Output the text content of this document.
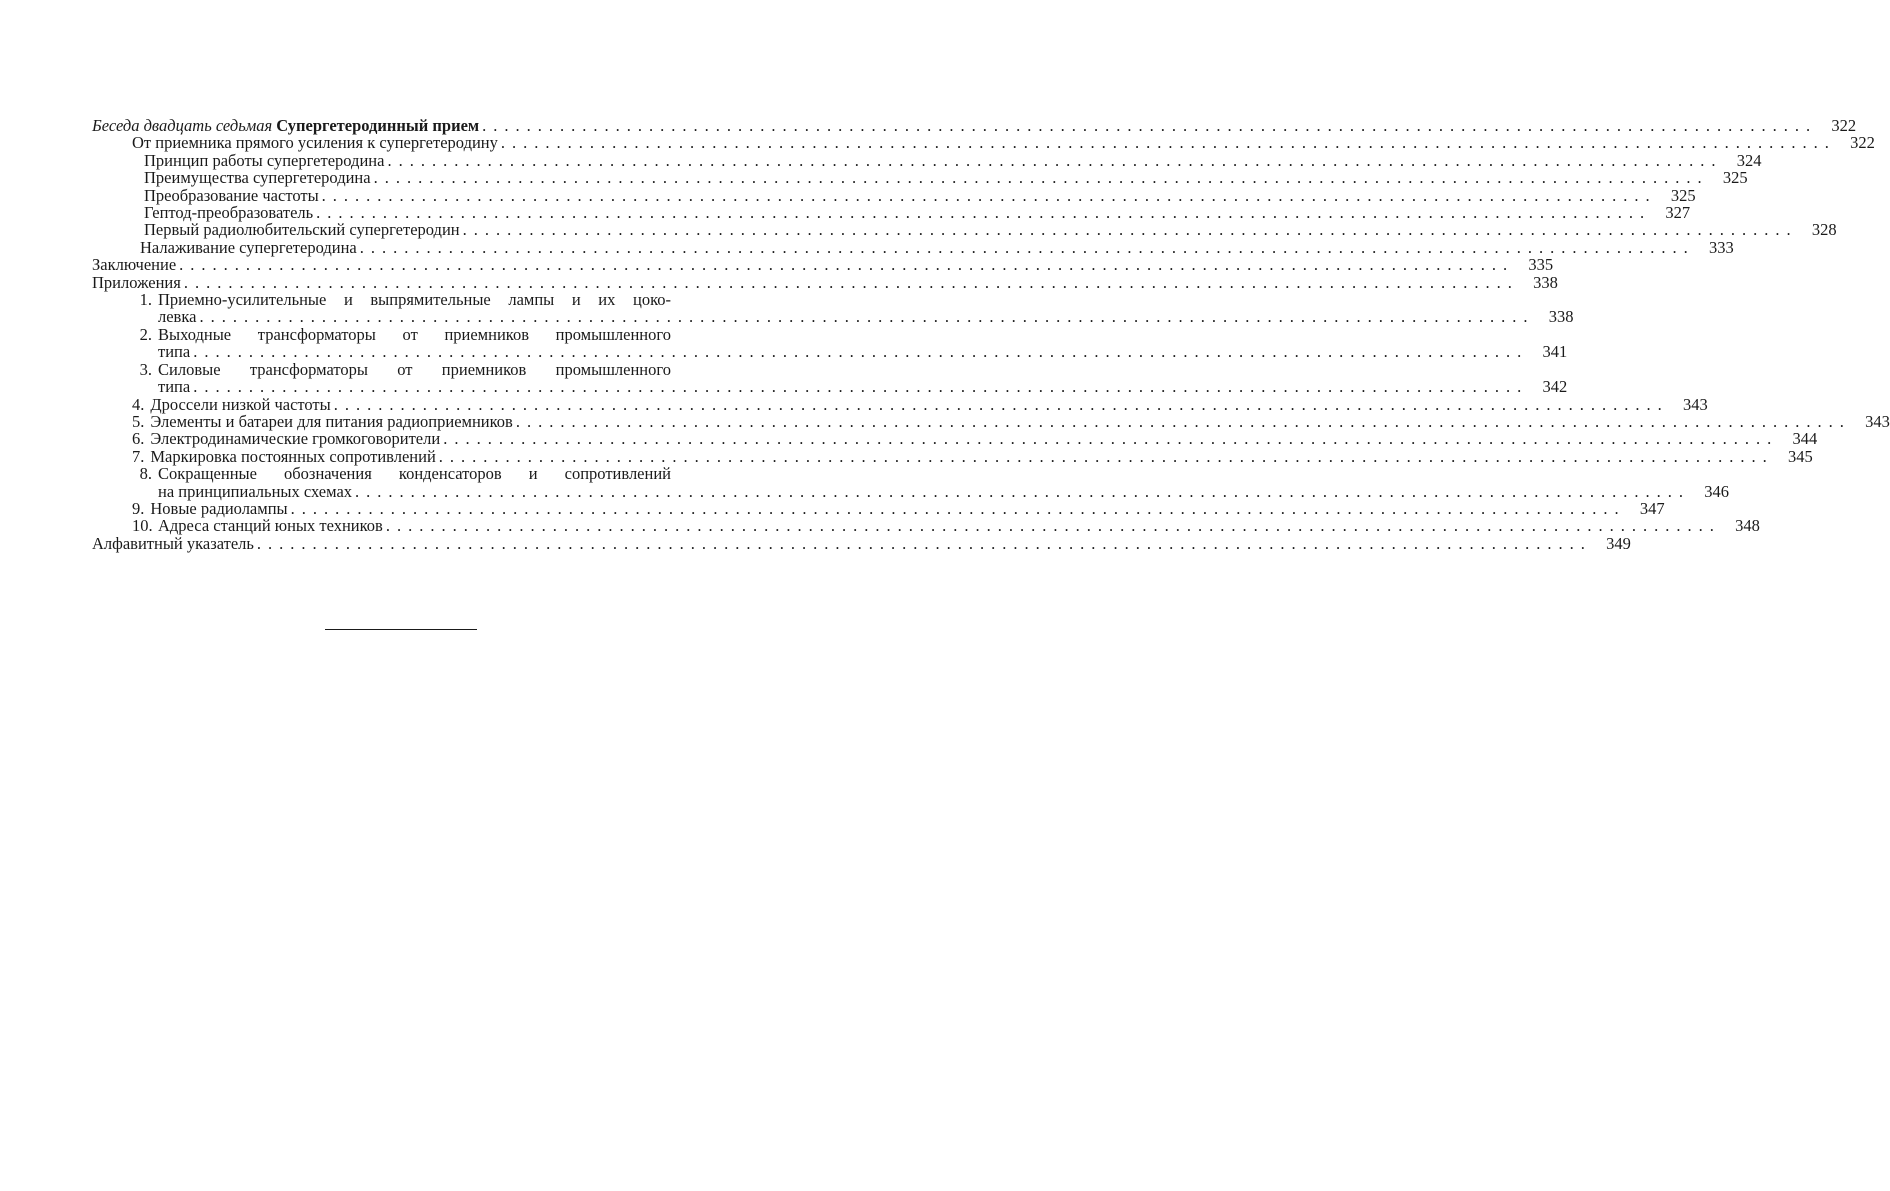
Беседа двадцать седьмая Супергетеродинный прием ........................................................................................................................ 322
От приемника прямого усиления к супергетеродину ........................................................................................................................ 322
Принцип работы супергетеродина ........................................................................................................................ 324
Преимущества супергетеродина ........................................................................................................................ 325
Преобразование частоты ........................................................................................................................ 325
Гептод-преобразователь ........................................................................................................................ 327
Первый радиолюбительский супергетеродин ........................................................................................................................ 328
Налаживание супергетеродина ........................................................................................................................ 333
Заключение ........................................................................................................................ 335
Приложения ........................................................................................................................ 338
1. Приемно-усилительные и выпрямительные лампы и их цоко-
левка ........................................................................................................................ 338
2. Выходные трансформаторы от приемников промышленного
типа ........................................................................................................................ 341
3. Силовые трансформаторы от приемников промышленного
типа ........................................................................................................................ 342
4. Дроссели низкой частоты ........................................................................................................................ 343
5. Элементы и батареи для питания радиоприемников ........................................................................................................................ 343
6. Электродинамические громкоговорители ........................................................................................................................ 344
7. Маркировка постоянных сопротивлений ........................................................................................................................ 345
8. Сокращенные обозначения конденсаторов и сопротивлений
на принципиальных схемах ........................................................................................................................ 346
9. Новые радиолампы ........................................................................................................................ 347
10. Адреса станций юных техников ........................................................................................................................ 348
Алфавитный указатель ........................................................................................................................ 349
